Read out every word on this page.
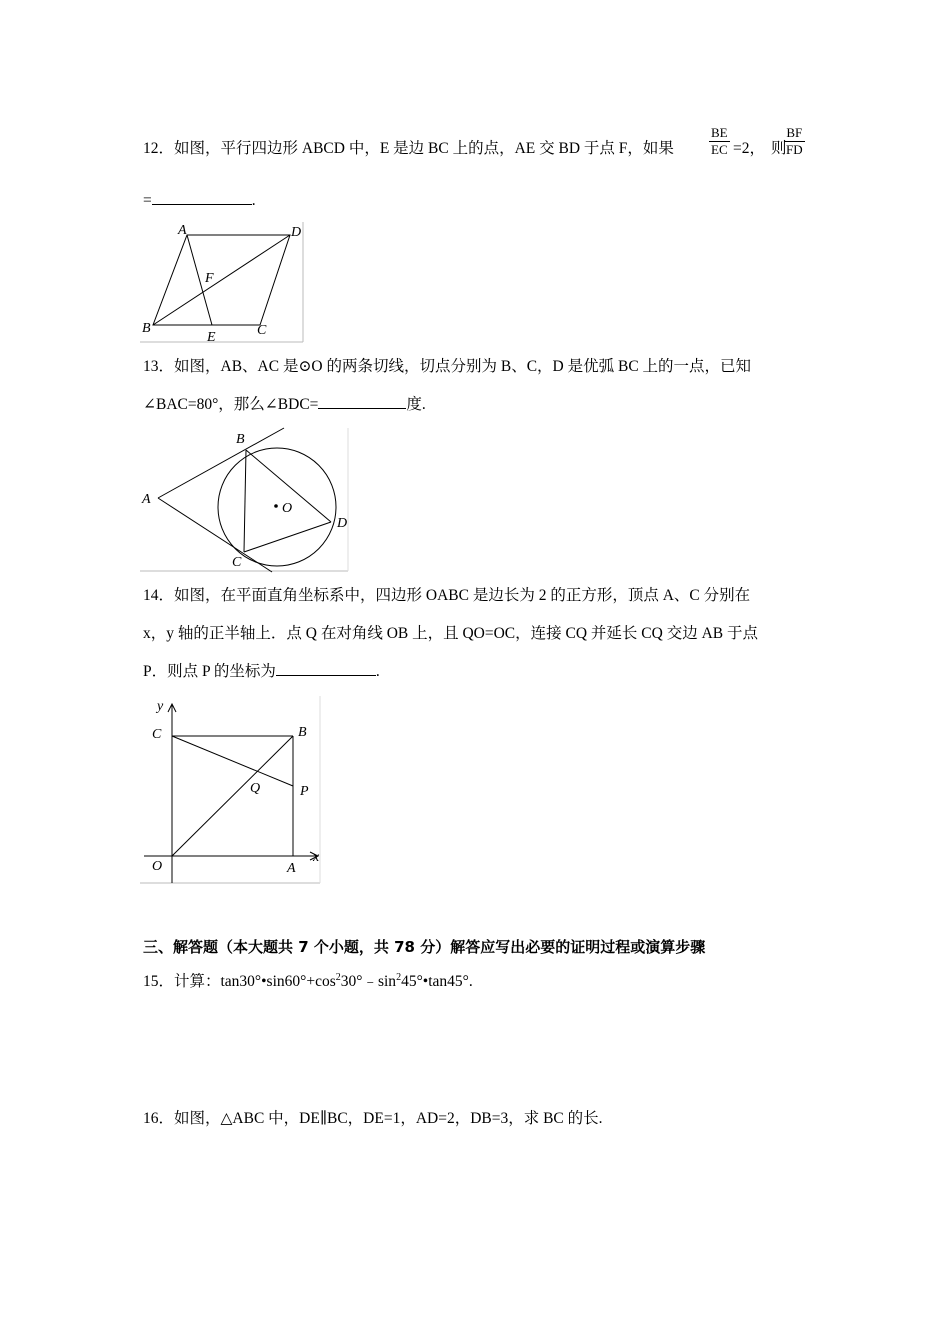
12．如图，平行四边形 ABCD 中，E 是边 BC 上的点，AE 交 BD 于点 F，如果
BE
EC =2， 则
BF
FD
=	.
A	D
F
B
E	C
13．如图，AB、AC 是⊙O 的两条切线，切点分别为 B、C，D 是优弧 BC 上的一点，已知
∠BAC=80°，那么∠BDC=	度.
B
A
O
D
C
14．如图，在平面直角坐标系中，四边形 OABC 是边长为 2 的正方形，顶点 A、C 分别在
x，y 轴的正半轴上．点 Q 在对角线 OB 上，且 QO=OC，连接 CQ 并延长 CQ 交边 AB 于点
P．则点 P 的坐标为	.
y
C	B
Q	P
x
O	A
三、解答题（本大题共 7 个小题，共 78 分）解答应写出必要的证明过程或演算步骤
15．计算：$\tan 30^\circ•\sin 60^\circ+\cos^230^\circ﹣\sin^245^\circ•\tan 45^\circ$.
16．如图，△ABC 中，DE∥BC，DE=1，AD=2，DB=3，求 BC 的长.
